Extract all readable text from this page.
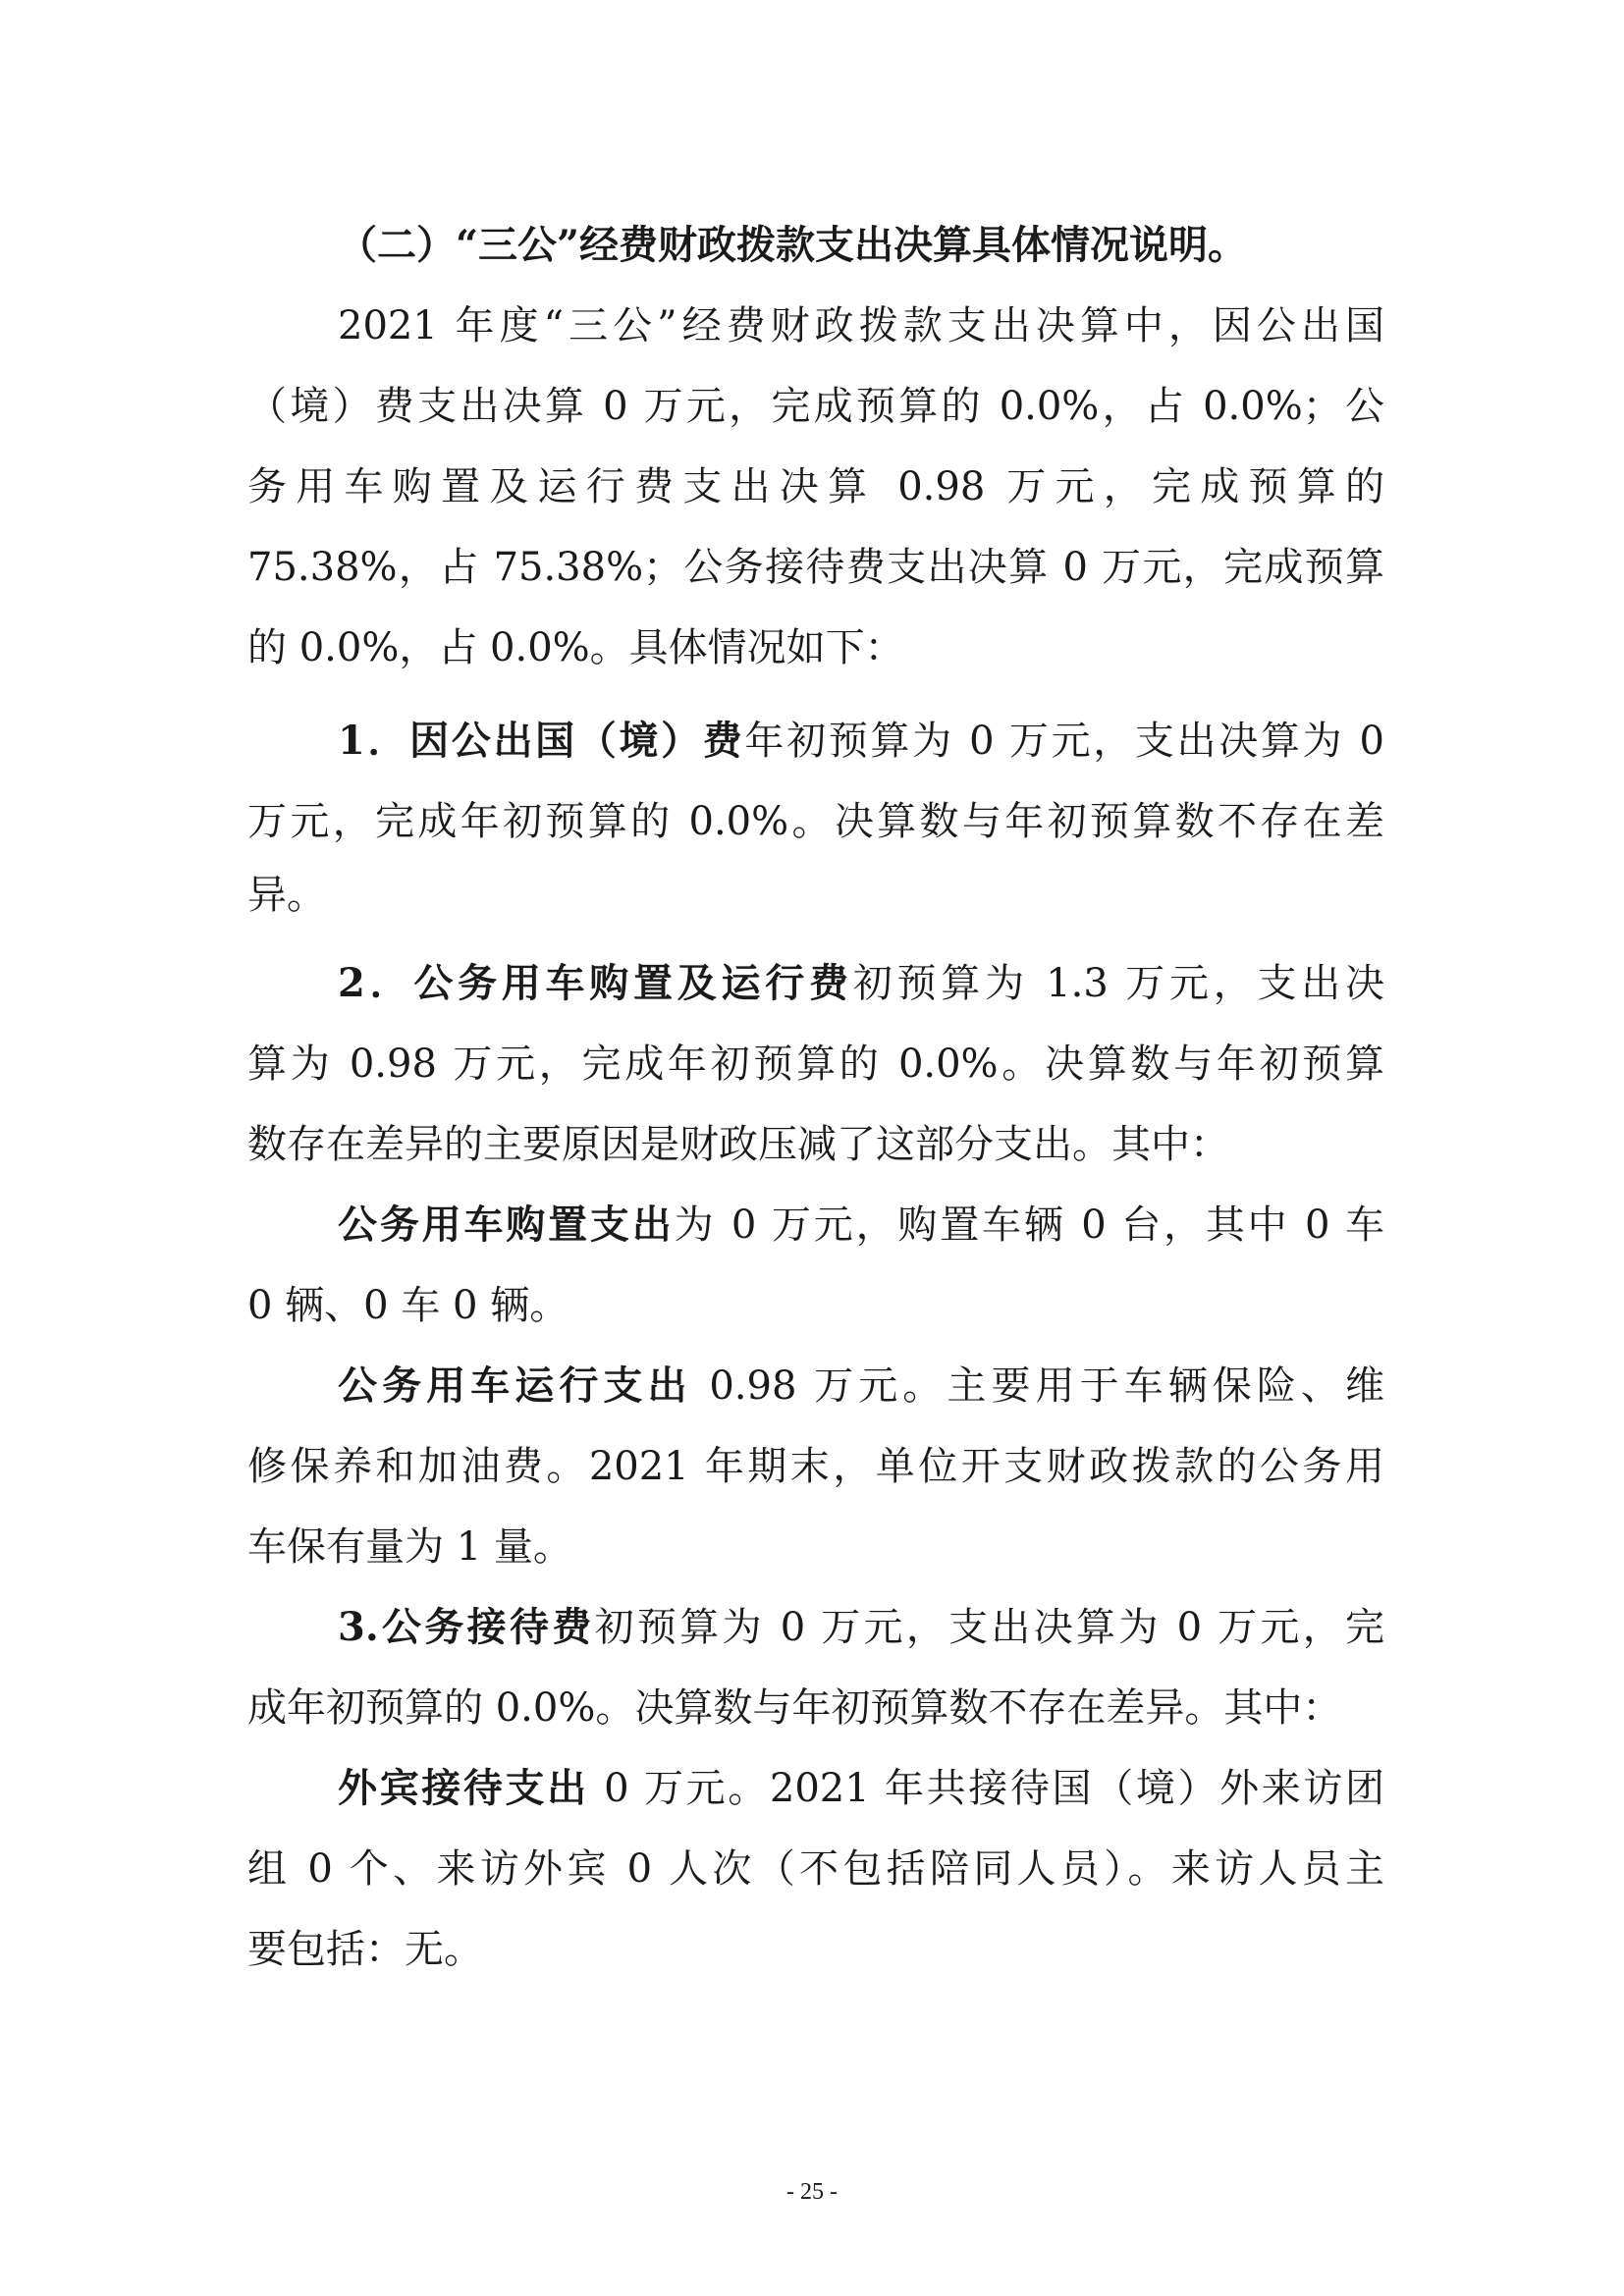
（二）“三公”经费财政拨款支出决算具体情况说明。
2021 年度“三公”经费财政拨款支出决算中，因公出国
（境）费支出决算 0 万元，完成预算的 0.0%，占 0.0%；公
务用车购置及运行费支出决算 0.98 万元，完成预算的
75.38%，占 75.38%；公务接待费支出决算 0 万元，完成预算
的 0.0%，占 0.0%。具体情况如下：
1．因公出国（境）费年初预算为 0 万元，支出决算为 0
万元，完成年初预算的 0.0%。决算数与年初预算数不存在差
异。
2．公务用车购置及运行费初预算为 1.3 万元，支出决
算为 0.98 万元，完成年初预算的 0.0%。决算数与年初预算
数存在差异的主要原因是财政压减了这部分支出。其中：
公务用车购置支出为 0 万元，购置车辆 0 台，其中 0 车
0 辆、0 车 0 辆。
公务用车运行支出 0.98 万元。主要用于车辆保险、维
修保养和加油费。2021 年期末，单位开支财政拨款的公务用
车保有量为 1 量。
3.公务接待费初预算为 0 万元，支出决算为 0 万元，完
成年初预算的 0.0%。决算数与年初预算数不存在差异。其中：
外宾接待支出 0 万元。2021 年共接待国（境）外来访团
组 0 个、来访外宾 0 人次（不包括陪同人员）。来访人员主
要包括：无。
- 25 -
